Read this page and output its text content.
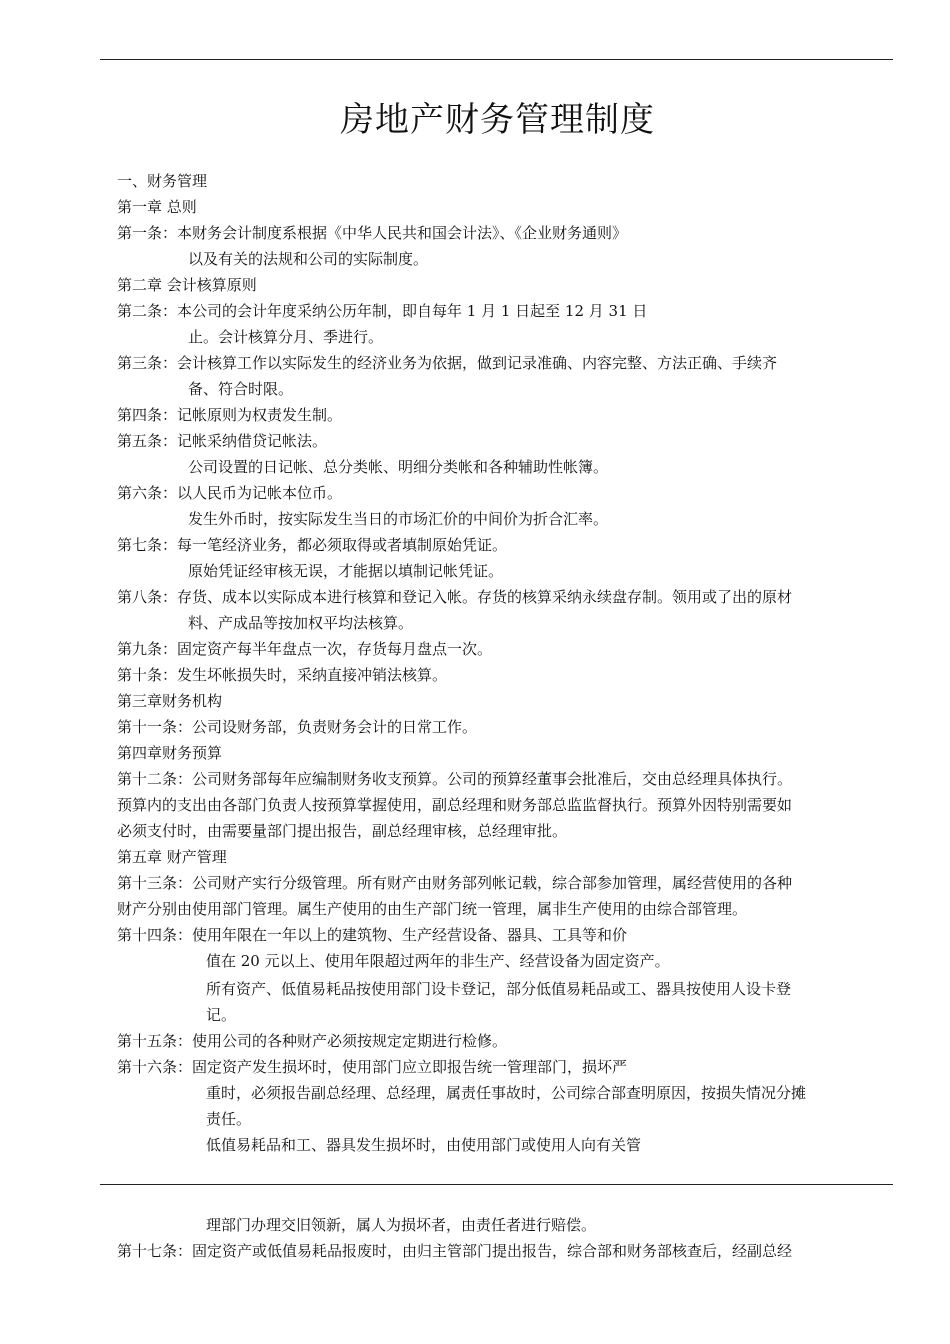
房地产财务管理制度
一、财务管理
第一章 总则
第一条：本财务会计制度系根据《中华人民共和国会计法》、《企业财务通则》
以及有关的法规和公司的实际制度。
第二章 会计核算原则
第二条：本公司的会计年度采纳公历年制，即自每年 1 月 1 日起至 12 月 31 日
止。会计核算分月、季进行。
第三条：会计核算工作以实际发生的经济业务为依据，做到记录准确、内容完整、方法正确、手续齐
备、符合时限。
第四条：记帐原则为权责发生制。
第五条：记帐采纳借贷记帐法。
公司设置的日记帐、总分类帐、明细分类帐和各种辅助性帐簿。
第六条：以人民币为记帐本位币。
发生外币时，按实际发生当日的市场汇价的中间价为折合汇率。
第七条：每一笔经济业务，都必须取得或者填制原始凭证。
原始凭证经审核无误，才能据以填制记帐凭证。
第八条：存货、成本以实际成本进行核算和登记入帐。存货的核算采纳永续盘存制。领用或了出的原材
料、产成品等按加权平均法核算。
第九条：固定资产每半年盘点一次，存货每月盘点一次。
第十条：发生坏帐损失时，采纳直接冲销法核算。
第三章财务机构
第十一条：公司设财务部，负责财务会计的日常工作。
第四章财务预算
第十二条：公司财务部每年应编制财务收支预算。公司的预算经董事会批准后，交由总经理具体执行。
预算内的支出由各部门负责人按预算掌握使用，副总经理和财务部总监监督执行。预算外因特别需要如
必须支付时，由需要量部门提出报告，副总经理审核，总经理审批。
第五章 财产管理
第十三条：公司财产实行分级管理。所有财产由财务部列帐记载，综合部参加管理，属经营使用的各种
财产分别由使用部门管理。属生产使用的由生产部门统一管理，属非生产使用的由综合部管理。
第十四条：使用年限在一年以上的建筑物、生产经营设备、器具、工具等和价
值在 20 元以上、使用年限超过两年的非生产、经营设备为固定资产。
所有资产、低值易耗品按使用部门设卡登记，部分低值易耗品或工、器具按使用人设卡登
记。
第十五条：使用公司的各种财产必须按规定定期进行检修。
第十六条：固定资产发生损坏时，使用部门应立即报告统一管理部门，损坏严
重时，必须报告副总经理、总经理，属责任事故时，公司综合部查明原因，按损失情况分摊
责任。
低值易耗品和工、器具发生损坏时，由使用部门或使用人向有关管
理部门办理交旧领新，属人为损坏者，由责任者进行赔偿。
第十七条：固定资产或低值易耗品报废时，由归主管部门提出报告，综合部和财务部核查后，经副总经
